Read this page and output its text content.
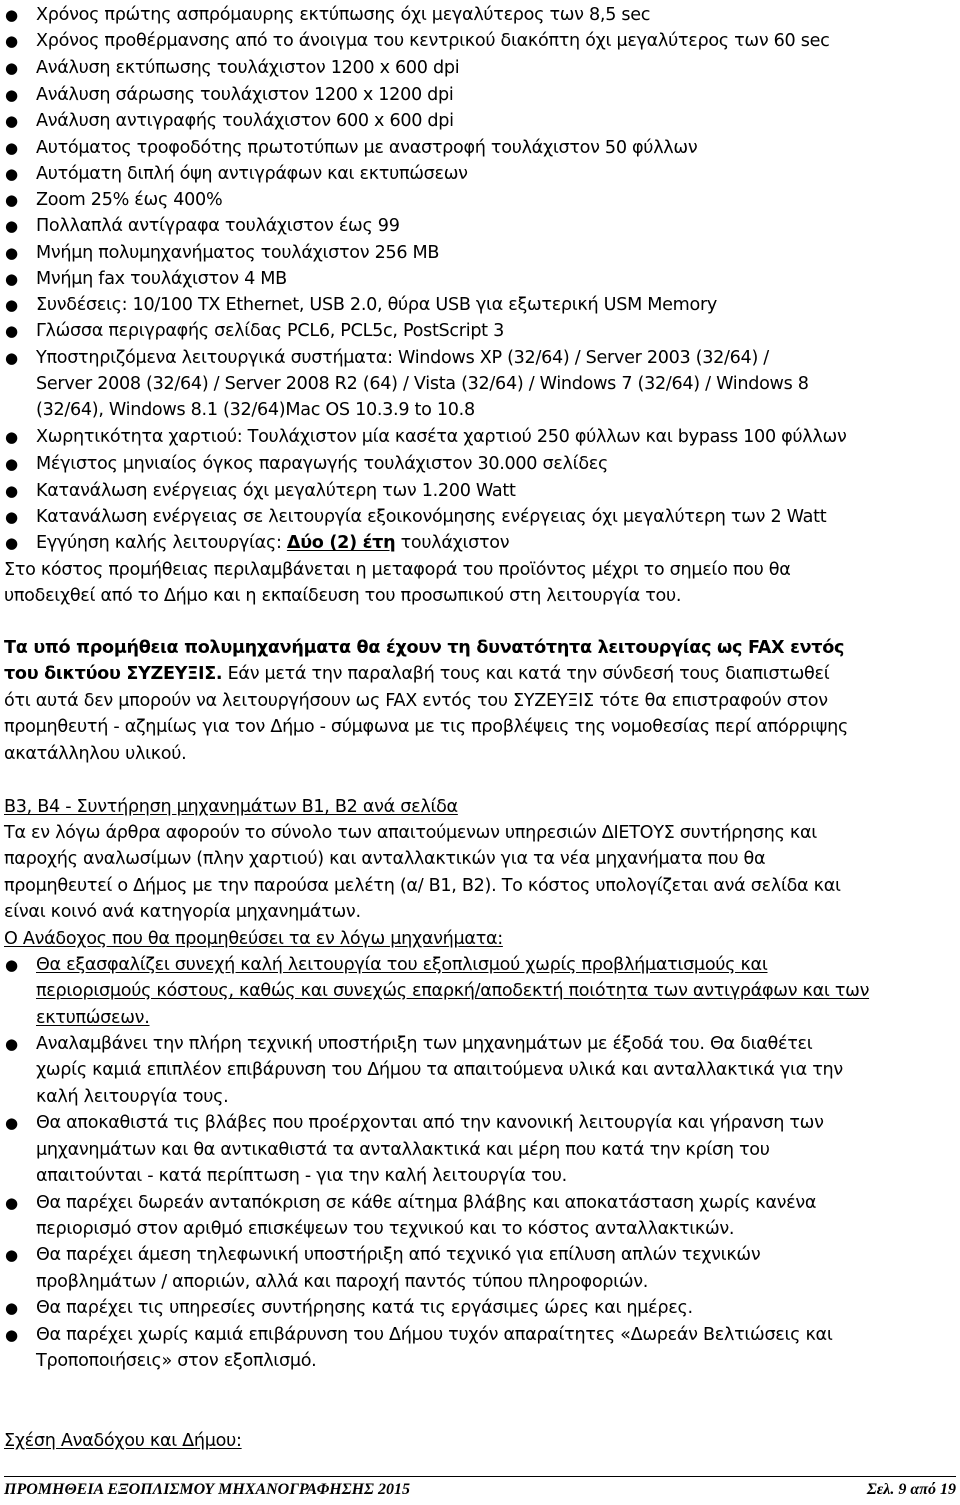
● Χρόνος πρώτης ασπρόμαυρης εκτύπωσης όχι μεγαλύτερος των 8,5 sec
● Χρόνος προθέρμανσης από το άνοιγμα του κεντρικού διακόπτη όχι μεγαλύτερος των 60 sec
● Ανάλυση εκτύπωσης τουλάχιστον 1200 x 600 dpi
● Ανάλυση σάρωσης τουλάχιστον 1200 x 1200 dpi
● Ανάλυση αντιγραφής τουλάχιστον 600 x 600 dpi
● Αυτόματος τροφοδότης πρωτοτύπων με αναστροφή τουλάχιστον 50 φύλλων
● Αυτόματη διπλή όψη αντιγράφων και εκτυπώσεων
● Zoom 25% έως 400%
● Πολλαπλά αντίγραφα τουλάχιστον έως 99
● Μνήμη πολυμηχανήματος τουλάχιστον 256 MB
● Μνήμη fax τουλάχιστον 4 MB
● Συνδέσεις: 10/100 TX Ethernet, USB 2.0, θύρα USB για εξωτερική USM Memory
● Γλώσσα περιγραφής σελίδας PCL6, PCL5c, PostScript 3
● Υποστηριζόμενα λειτουργικά συστήματα: Windows XP (32/64) / Server 2003 (32/64) /
Server 2008 (32/64) / Server 2008 R2 (64) / Vista (32/64) / Windows 7 (32/64) / Windows 8
(32/64), Windows 8.1 (32/64)Mac OS 10.3.9 to 10.8
● Χωρητικότητα χαρτιού: Τουλάχιστον μία κασέτα χαρτιού 250 φύλλων και bypass 100 φύλλων
● Μέγιστος μηνιαίος όγκος παραγωγής τουλάχιστον 30.000 σελίδες
● Κατανάλωση ενέργειας όχι μεγαλύτερη των 1.200 Watt
● Κατανάλωση ενέργειας σε λειτουργία εξοικονόμησης ενέργειας όχι μεγαλύτερη των 2 Watt
● Εγγύηση καλής λειτουργίας: Δύο (2) έτη τουλάχιστον
Στο κόστος προμήθειας περιλαμβάνεται η μεταφορά του προϊόντος μέχρι το σημείο που θα
υποδειχθεί από το Δήμο και η εκπαίδευση του προσωπικού στη λειτουργία του.
Τα υπό προμήθεια πολυμηχανήματα θα έχουν τη δυνατότητα λειτουργίας ως FAX εντός
του δικτύου ΣΥΖΕΥΞΙΣ. Εάν μετά την παραλαβή τους και κατά την σύνδεσή τους διαπιστωθεί
ότι αυτά δεν μπορούν να λειτουργήσουν ως FAX εντός του ΣΥΖΕΥΞΙΣ τότε θα επιστραφούν στον
προμηθευτή - αζημίως για τον Δήμο - σύμφωνα με τις προβλέψεις της νομοθεσίας περί απόρριψης
ακατάλληλου υλικού.
Β3, Β4 - Συντήρηση μηχανημάτων Β1, Β2 ανά σελίδα
Τα εν λόγω άρθρα αφορούν το σύνολο των απαιτούμενων υπηρεσιών ΔΙΕΤΟΥΣ συντήρησης και
παροχής αναλωσίμων (πλην χαρτιού) και ανταλλακτικών για τα νέα μηχανήματα που θα
προμηθευτεί ο Δήμος με την παρούσα μελέτη (α/ Β1, Β2). Το κόστος υπολογίζεται ανά σελίδα και
είναι κοινό ανά κατηγορία μηχανημάτων.
Ο Ανάδοχος που θα προμηθεύσει τα εν λόγω μηχανήματα:
● Θα εξασφαλίζει συνεχή καλή λειτουργία του εξοπλισμού χωρίς προβλήματισμούς και
περιορισμούς κόστους, καθώς και συνεχώς επαρκή/αποδεκτή ποιότητα των αντιγράφων και των
εκτυπώσεων.
● Αναλαμβάνει την πλήρη τεχνική υποστήριξη των μηχανημάτων με έξοδά του. Θα διαθέτει
χωρίς καμιά επιπλέον επιβάρυνση του Δήμου τα απαιτούμενα υλικά και ανταλλακτικά για την
καλή λειτουργία τους.
● Θα αποκαθιστά τις βλάβες που προέρχονται από την κανονική λειτουργία και γήρανση των
μηχανημάτων και θα αντικαθιστά τα ανταλλακτικά και μέρη που κατά την κρίση του
απαιτούνται - κατά περίπτωση - για την καλή λειτουργία του.
● Θα παρέχει δωρεάν ανταπόκριση σε κάθε αίτημα βλάβης και αποκατάσταση χωρίς κανένα
περιορισμό στον αριθμό επισκέψεων του τεχνικού και το κόστος ανταλλακτικών.
● Θα παρέχει άμεση τηλεφωνική υποστήριξη από τεχνικό για επίλυση απλών τεχνικών
προβλημάτων / αποριών, αλλά και παροχή παντός τύπου πληροφοριών.
● Θα παρέχει τις υπηρεσίες συντήρησης κατά τις εργάσιμες ώρες και ημέρες.
● Θα παρέχει χωρίς καμιά επιβάρυνση του Δήμου τυχόν απαραίτητες «Δωρεάν Βελτιώσεις και
Τροποποιήσεις» στον εξοπλισμό.
Σχέση Αναδόχου και Δήμου:
ΠΡΟΜΗΘΕΙΑ ΕΞΟΠΛΙΣΜΟΥ ΜΗΧΑΝΟΓΡΑΦΗΣΗΣ 2015	Σελ. 9 από 19
